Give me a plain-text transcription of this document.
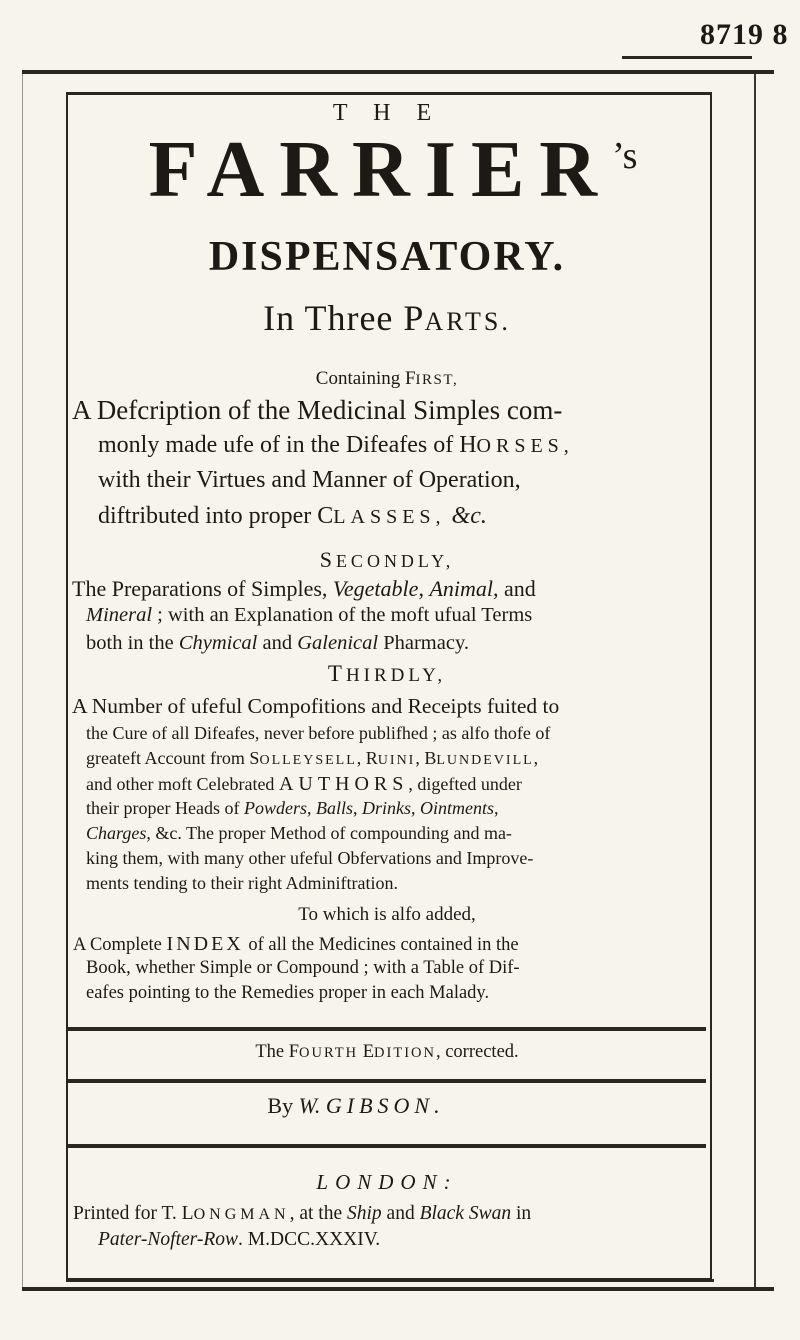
8719 8
T H E
$FARRIER^{’s}$
DISPENSATORY.
In Three PARTS.
Containing FIRST,
A Defcription of the Medicinal Simples com-
monly made ufe of in the Difeafes of HORSES,
with their Virtues and Manner of Operation,
diftributed into proper CLASSES, &c.
SECONDLY,
The Preparations of Simples, Vegetable, Animal, and
Mineral ; with an Explanation of the moft ufual Terms
both in the Chymical and Galenical Pharmacy.
THIRDLY,
A Number of ufeful Compofitions and Receipts fuited to
the Cure of all Difeafes, never before publifhed ; as alfo thofe of
greateft Account from SOLLEYSELL, RUINI, BLUNDEVILL,
and other moft Celebrated AUTHORS, digefted under
their proper Heads of Powders, Balls, Drinks, Ointments,
Charges, &c. The proper Method of compounding and ma-
king them, with many other ufeful Obfervations and Improve-
ments tending to their right Adminiftration.
To which is alfo added,
A Complete INDEX of all the Medicines contained in the
Book, whether Simple or Compound ; with a Table of Dif-
eafes pointing to the Remedies proper in each Malady.
The FOURTH EDITION, corrected.
By W. GIBSON.
LONDON:
Printed for T. LONGMAN, at the Ship and Black Swan in
Pater-Nofter-Row. M.DCC.XXXIV.
